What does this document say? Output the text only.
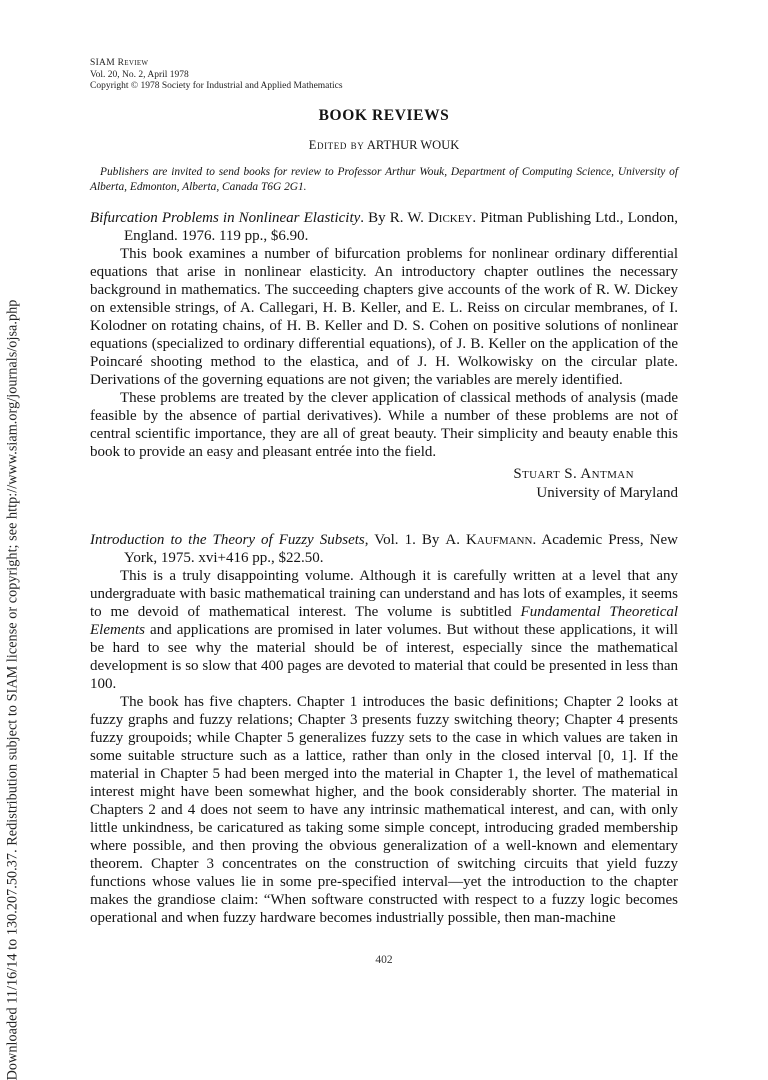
Downloaded 11/16/14 to 130.207.50.37. Redistribution subject to SIAM license or copyright; see http://www.siam.org/journals/ojsa.php
SIAM Review
Vol. 20, No. 2, April 1978
Copyright © 1978 Society for Industrial and Applied Mathematics
BOOK REVIEWS
Edited by ARTHUR WOUK
Publishers are invited to send books for review to Professor Arthur Wouk, Department of Computing Science, University of Alberta, Edmonton, Alberta, Canada T6G 2G1.
Bifurcation Problems in Nonlinear Elasticity. By R. W. Dickey. Pitman Publishing Ltd., London, England. 1976. 119 pp., $6.90.

This book examines a number of bifurcation problems for nonlinear ordinary differential equations that arise in nonlinear elasticity. An introductory chapter outlines the necessary background in mathematics. The succeeding chapters give accounts of the work of R. W. Dickey on extensible strings, of A. Callegari, H. B. Keller, and E. L. Reiss on circular membranes, of I. Kolodner on rotating chains, of H. B. Keller and D. S. Cohen on positive solutions of nonlinear equations (specialized to ordinary differential equations), of J. B. Keller on the application of the Poincaré shooting method to the elastica, and of J. H. Wolkowisky on the circular plate. Derivations of the governing equations are not given; the variables are merely identified.

These problems are treated by the clever application of classical methods of analysis (made feasible by the absence of partial derivatives). While a number of these problems are not of central scientific importance, they are all of great beauty. Their simplicity and beauty enable this book to provide an easy and pleasant entrée into the field.

Stuart S. Antman
University of Maryland
Introduction to the Theory of Fuzzy Subsets, Vol. 1. By A. Kaufmann. Academic Press, New York, 1975. xvi+416 pp., $22.50.

This is a truly disappointing volume. Although it is carefully written at a level that any undergraduate with basic mathematical training can understand and has lots of examples, it seems to me devoid of mathematical interest. The volume is subtitled Fundamental Theoretical Elements and applications are promised in later volumes. But without these applications, it will be hard to see why the material should be of interest, especially since the mathematical development is so slow that 400 pages are devoted to material that could be presented in less than 100.

The book has five chapters. Chapter 1 introduces the basic definitions; Chapter 2 looks at fuzzy graphs and fuzzy relations; Chapter 3 presents fuzzy switching theory; Chapter 4 presents fuzzy groupoids; while Chapter 5 generalizes fuzzy sets to the case in which values are taken in some suitable structure such as a lattice, rather than only in the closed interval [0, 1]. If the material in Chapter 5 had been merged into the material in Chapter 1, the level of mathematical interest might have been somewhat higher, and the book considerably shorter. The material in Chapters 2 and 4 does not seem to have any intrinsic mathematical interest, and can, with only little unkindness, be caricatured as taking some simple concept, introducing graded membership where possible, and then proving the obvious generalization of a well-known and elementary theorem. Chapter 3 concentrates on the construction of switching circuits that yield fuzzy functions whose values lie in some pre-specified interval—yet the introduction to the chapter makes the grandiose claim: “When software constructed with respect to a fuzzy logic becomes operational and when fuzzy hardware becomes industrially possible, then man-machine

402
